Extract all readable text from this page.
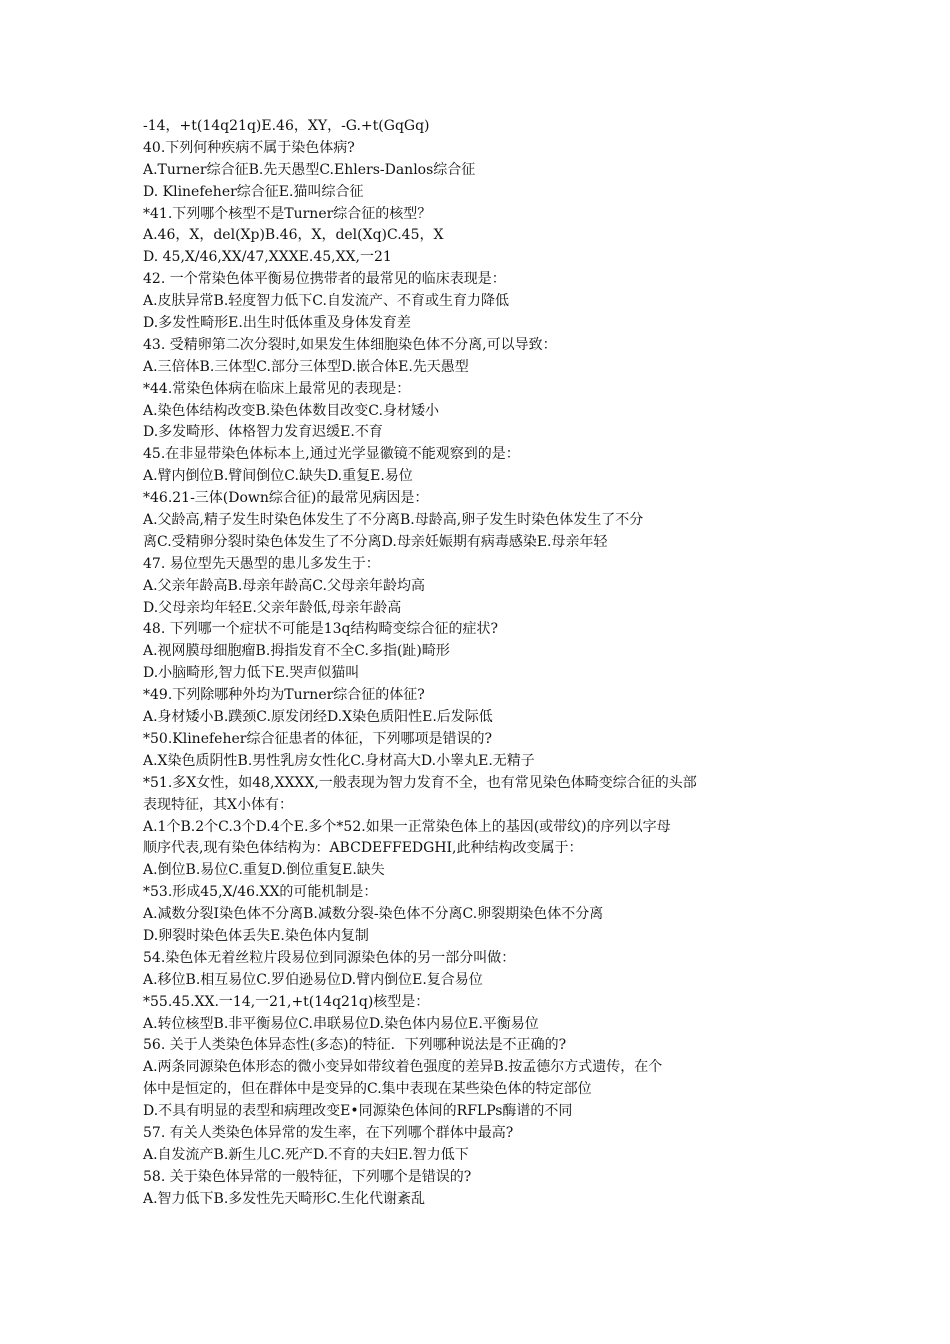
-14，+t(14q21q)E.46，XY，-G.+t(GqGq)
40.下列何种疾病不属于染色体病?
A.Turner综合征B.先天愚型C.Ehlers-Danlos综合征
D. Klinefeher综合征E.猫叫综合征
*41.下列哪个核型不是Turner综合征的核型？
A.46，X，del(Xp)B.46，X，del(Xq)C.45，X
D. 45,X/46,XX/47,XXXE.45,XX,一21
42. 一个常染色体平衡易位携带者的最常见的临床表现是：
A.皮肤异常B.轻度智力低下C.自发流产、不育或生育力降低
D.多发性畸形E.出生时低体重及身体发育差
43. 受精卵第二次分裂时,如果发生体细胞染色体不分离,可以导致：
A.三倍体B.三体型C.部分三体型D.嵌合体E.先天愚型
*44.常染色体病在临床上最常见的表现是：
A.染色体结构改变B.染色体数目改变C.身材矮小
D.多发畸形、体格智力发育迟缓E.不育
45.在非显带染色体标本上,通过光学显徽镜不能观察到的是：
A.臂内倒位B.臂间倒位C.缺失D.重复E.易位
*46.21-三体(Down综合征)的最常见病因是：
A.父龄高,精子发生时染色体发生了不分离B.母龄高,卵子发生时染色体发生了不分
离C.受精卵分裂时染色体发生了不分离D.母亲妊娠期有病毒感染E.母亲年轻
47. 易位型先天愚型的患儿多发生于：
A.父亲年龄高B.母亲年龄高C.父母亲年龄均高
D.父母亲均年轻E.父亲年龄低,母亲年龄高
48. 下列哪一个症状不可能是13q结构畸变综合征的症状?
A.视网膜母细胞瘤B.拇指发育不全C.多指(趾)畸形
D.小脑畸形,智力低下E.哭声似猫叫
*49.下列除哪种外均为Turner综合征的体征?
A.身材矮小B.蹼颈C.原发闭经D.X染色质阳性E.后发际低
*50.Klinefeher综合征患者的体征，下列哪项是错误的?
A.X染色质阴性B.男性乳房女性化C.身材高大D.小睾丸E.无精子
*51.多X女性，如48,XXXX,一般表现为智力发育不全，也有常见染色体畸变综合征的头部
表现特征，其X小体有：
A.1个B.2个C.3个D.4个E.多个*52.如果一正常染色体上的基因(或带纹)的序列以字母
顺序代表,现有染色体结构为：ABCDEFFEDGHI,此种结构改变属于：
A.倒位B.易位C.重复D.倒位重复E.缺失
*53.形成45,X/46.XX的可能机制是：
A.减数分裂Ⅰ染色体不分离B.减数分裂-染色体不分离C.卵裂期染色体不分离
D.卵裂时染色体丢失E.染色体内复制
54.染色体无着丝粒片段易位到同源染色体的另一部分叫做：
A.移位B.相互易位C.罗伯逊易位D.臂内倒位E.复合易位
*55.45.XX.一14,一21,+t(14q21q)核型是：
A.转位核型B.非平衡易位C.串联易位D.染色体内易位E.平衡易位
56. 关于人类染色体异态性(多态)的特征．下列哪种说法是不正确的?
A.两条同源染色体形态的微小变异如带纹着色强度的差异B.按孟德尔方式遗传，在个
体中是恒定的，但在群体中是变异的C.集中表现在某些染色体的特定部位
D.不具有明显的表型和病理改变E•同源染色体间的RFLPs酶谱的不同
57. 有关人类染色体异常的发生率，在下列哪个群体中最高?
A.自发流产B.新生儿C.死产D.不育的夫妇E.智力低下
58. 关于染色体异常的一般特征，下列哪个是错误的?
A.智力低下B.多发性先天畸形C.生化代谢紊乱
